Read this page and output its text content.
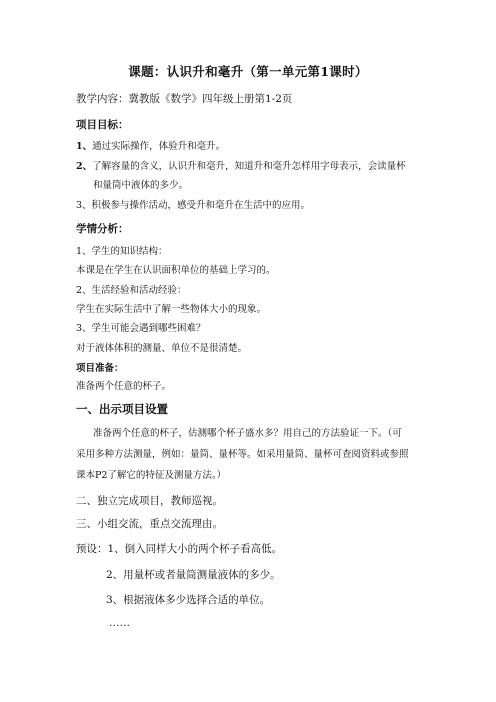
课题：认识升和毫升（第一单元第1课时）
教学内容：冀教版《数学》四年级上册第1-2页
项目目标：
1、通过实际操作，体验升和毫升。
2、了解容量的含义，认识升和毫升，知道升和毫升怎样用字母表示，会读量杯
和量筒中液体的多少。
3、积极参与操作活动，感受升和毫升在生活中的应用。
学情分析：
1、学生的知识结构：
本课是在学生在认识面积单位的基础上学习的。
2、生活经验和活动经验：
学生在实际生活中了解一些物体大小的现象。
3、学生可能会遇到哪些困难？
对于液体体积的测量、单位不是很清楚。
项目准备：
准备两个任意的杯子。
一、出示项目设置
准备两个任意的杯子，估测哪个杯子盛水多？用自己的方法验证一下。（可
采用多种方法测量，例如：量筒、量杯等。如采用量筒、量杯可查阅资料或参照
课本P2了解它的特征及测量方法。）
二、独立完成项目，教师巡视。
三、小组交流，重点交流理由。
预设：1、倒入同样大小的两个杯子看高低。
2、用量杯或者量筒测量液体的多少。
3、根据液体多少选择合适的单位。
……
